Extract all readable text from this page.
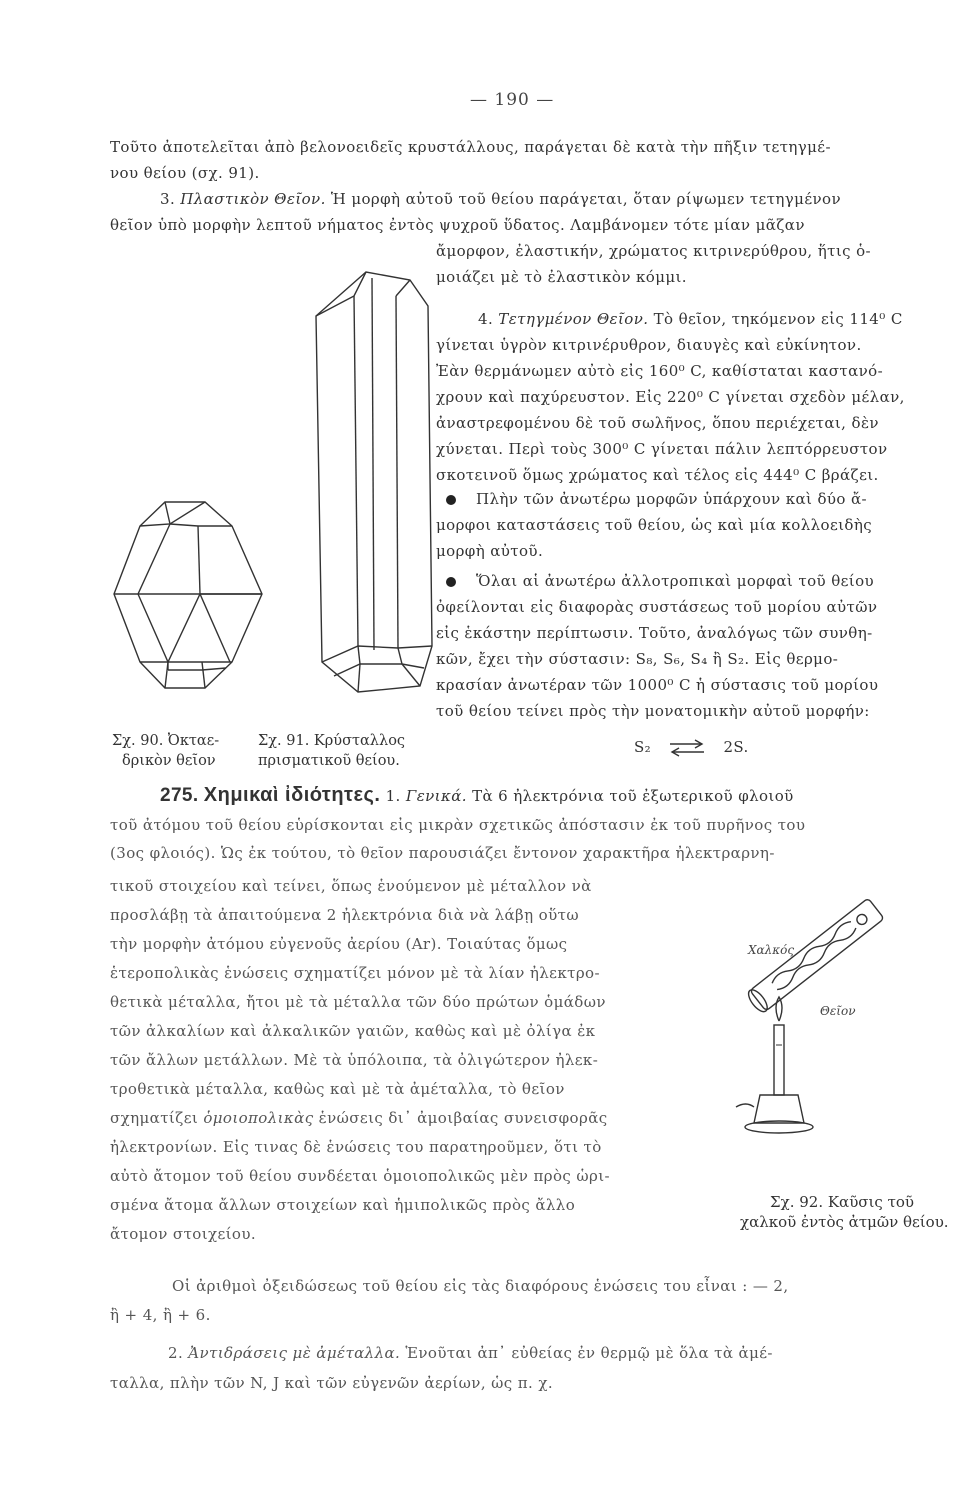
— 190 —
Τοῦτο ἀποτελεῖται ἀπὸ βελονοειδεῖς κρυστάλλους, παράγεται δὲ κατὰ τὴν πῆξιν τετηγμέ-
νου θείου (σχ. 91).
3. Πλαστικὸν Θεῖον. Ἡ μορφὴ αὐτοῦ τοῦ θείου παράγεται, ὅταν ρίψωμεν τετηγμένον
θεῖον ὑπὸ μορφὴν λεπτοῦ νήματος ἐντὸς ψυχροῦ ὕδατος. Λαμβάνομεν τότε μίαν μᾶζαν
ἄμορφον, ἐλαστικήν, χρώματος κιτρινερύθρου, ἥτις ὁ-
μοιάζει μὲ τὸ ἐλαστικὸν κόμμι.
4. Τετηγμένον Θεῖον. Τὸ θεῖον, τηκόμενον εἰς 114⁰ C
γίνεται ὑγρὸν κιτρινέρυθρον, διαυγὲς καὶ εὐκίνητον.
Ἐὰν θερμάνωμεν αὐτὸ εἰς 160⁰ C, καθίσταται καστανό-
χρουν καὶ παχύρευστον. Εἰς 220⁰ C γίνεται σχεδὸν μέλαν,
ἀναστρεφομένου δὲ τοῦ σωλῆνος, ὅπου περιέχεται, δὲν
χύνεται. Περὶ τοὺς 300⁰ C γίνεται πάλιν λεπτόρρευστον
σκοτεινοῦ ὅμως χρώματος καὶ τέλος εἰς 444⁰ C βράζει.
Πλὴν τῶν ἀνωτέρω μορφῶν ὑπάρχουν καὶ δύο ἄ-
μορφοι καταστάσεις τοῦ θείου, ὡς καὶ μία κολλοειδὴς
μορφὴ αὐτοῦ.
Ὅλαι αἱ ἀνωτέρω ἀλλοτροπικαὶ μορφαὶ τοῦ θείου
ὀφείλονται εἰς διαφορὰς συστάσεως τοῦ μορίου αὐτῶν
εἰς ἑκάστην περίπτωσιν. Τοῦτο, ἀναλόγως τῶν συνθη-
κῶν, ἔχει τὴν σύστασιν: S₈, S₆, S₄ ἢ S₂. Εἰς θερμο-
κρασίαν ἀνωτέραν τῶν 1000⁰ C ἡ σύστασις τοῦ μορίου
τοῦ θείου τείνει πρὸς τὴν μονατομικὴν αὐτοῦ μορφήν:
S₂ ⇌ 2S.
Σχ. 90. Ὀκταε-
δρικὸν θεῖον
Σχ. 91. Κρύσταλλος
πρισματικοῦ θείου.
275. Χημικαὶ ἰδιότητες. 1. Γενικά. Τὰ 6 ἠλεκτρόνια τοῦ ἐξωτερικοῦ φλοιοῦ
τοῦ ἀτόμου τοῦ θείου εὑρίσκονται εἰς μικρὰν σχετικῶς ἀπόστασιν ἐκ τοῦ πυρῆνος του
(3ος φλοιός). Ὡς ἐκ τούτου, τὸ θεῖον παρουσιάζει ἔντονον χαρακτῆρα ἠλεκτραρνη-
τικοῦ στοιχείου καὶ τείνει, ὅπως ἑνούμενον μὲ μέταλλον νὰ
προσλάβῃ τὰ ἀπαιτούμενα 2 ἠλεκτρόνια διὰ νὰ λάβῃ οὕτω
τὴν μορφὴν ἀτόμου εὐγενοῦς ἀερίου (Ar). Τοιαύτας ὅμως
ἑτεροπολικὰς ἑνώσεις σχηματίζει μόνον μὲ τὰ λίαν ἠλεκτρο-
θετικὰ μέταλλα, ἤτοι μὲ τὰ μέταλλα τῶν δύο πρώτων ὁμάδων
τῶν ἀλκαλίων καὶ ἀλκαλικῶν γαιῶν, καθὼς καὶ μὲ ὀλίγα ἐκ
τῶν ἄλλων μετάλλων. Μὲ τὰ ὑπόλοιπα, τὰ ὀλιγώτερον ἠλεκ-
τροθετικὰ μέταλλα, καθὼς καὶ μὲ τὰ ἀμέταλλα, τὸ θεῖον
σχηματίζει ὁμοιοπολικὰς ἑνώσεις δι᾽ ἀμοιβαίας συνεισφορᾶς
ἠλεκτρονίων. Εἰς τινας δὲ ἑνώσεις του παρατηροῦμεν, ὅτι τὸ
αὐτὸ ἄτομον τοῦ θείου συνδέεται ὁμοιοπολικῶς μὲν πρὸς ὡρι-
σμένα ἄτομα ἄλλων στοιχείων καὶ ἡμιπολικῶς πρὸς ἄλλο
ἄτομον στοιχείου.
Χαλκός
Θεῖον
Σχ. 92. Καῦσις τοῦ
χαλκοῦ ἐντὸς ἀτμῶν θείου.
Οἱ ἀριθμοὶ ὀξειδώσεως τοῦ θείου εἰς τὰς διαφόρους ἑνώσεις του εἶναι : — 2,
ἢ + 4, ἢ + 6.
2. Ἀντιδράσεις μὲ ἀμέταλλα. Ἑνοῦται ἀπ᾽ εὐθείας ἐν θερμῷ μὲ ὅλα τὰ ἀμέ-
ταλλα, πλὴν τῶν N, J καὶ τῶν εὐγενῶν ἀερίων, ὡς π. χ.
